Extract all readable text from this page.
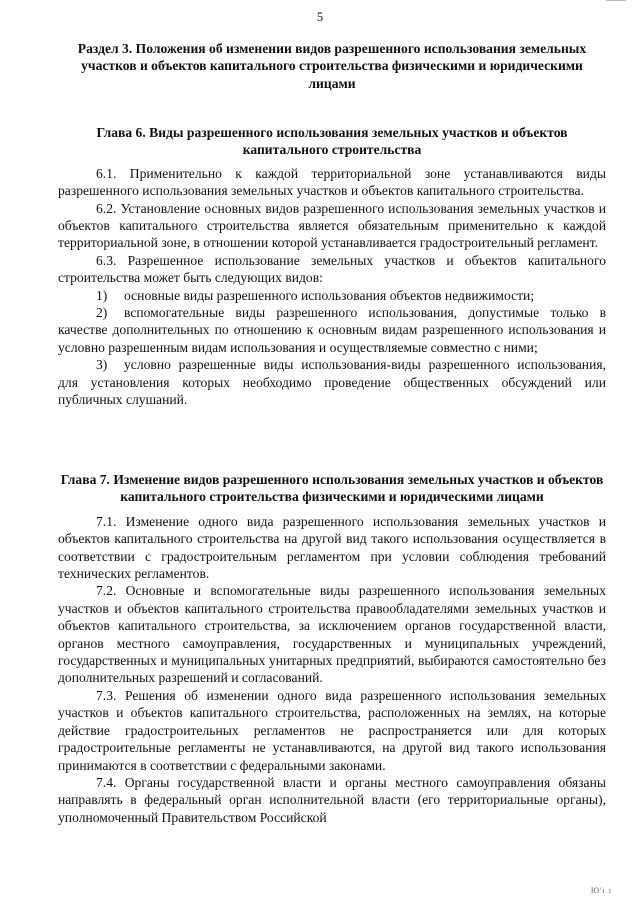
5

Раздел 3. Положения об изменении видов разрешенного использования земельных участков и объектов капитального строительства физическими и юридическими лицами

Глава 6. Виды разрешенного использования земельных участков и объектов капитального строительства

6.1. Применительно к каждой территориальной зоне устанавливаются виды разрешенного использования земельных участков и объектов капитального строительства.

6.2. Установление основных видов разрешенного использования земельных участков и объектов капитального строительства является обязательным применительно к каждой территориальной зоне, в отношении которой устанавливается градостроительный регламент.

6.3. Разрешенное использование земельных участков и объектов капитального строительства может быть следующих видов:

1) основные виды разрешенного использования объектов недвижимости;

2) вспомогательные виды разрешенного использования, допустимые только в качестве дополнительных по отношению к основным видам разрешенного использования и условно разрешенным видам использования и осуществляемые совместно с ними;

3) условно разрешенные виды использования-виды разрешенного использования, для установления которых необходимо проведение общественных обсуждений или публичных слушаний.

Глава 7. Изменение видов разрешенного использования земельных участков и объектов капитального строительства физическими и юридическими лицами

7.1. Изменение одного вида разрешенного использования земельных участков и объектов капитального строительства на другой вид такого использования осуществляется в соответствии с градостроительным регламентом при условии соблюдения требований технических регламентов.

7.2. Основные и вспомогательные виды разрешенного использования земельных участков и объектов капитального строительства правообладателями земельных участков и объектов капитального строительства, за исключением органов государственной власти, органов местного самоуправления, государственных и муниципальных учреждений, государственных и муниципальных унитарных предприятий, выбираются самостоятельно без дополнительных разрешений и согласований.

7.3. Решения об изменении одного вида разрешенного использования земельных участков и объектов капитального строительства, расположенных на землях, на которые действие градостроительных регламентов не распространяется или для которых градостроительные регламенты не устанавливаются, на другой вид такого использования принимаются в соответствии с федеральными законами.

7.4. Органы государственной власти и органы местного самоуправления обязаны направлять в федеральный орган исполнительной власти (его территориальные органы), уполномоченный Правительством Российской

Ю'ı ı
